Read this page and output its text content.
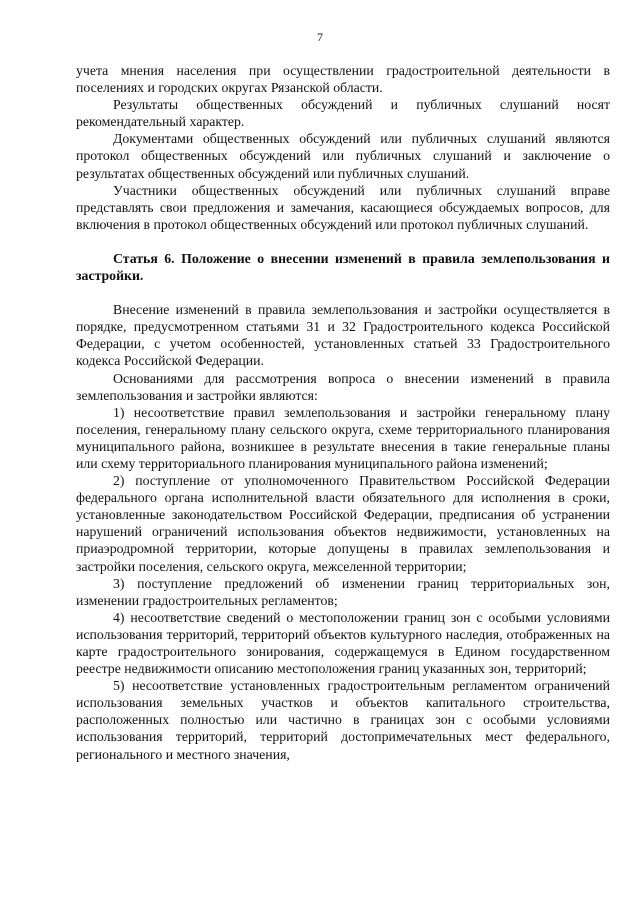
7

учета мнения населения при осуществлении градостроительной деятельности в поселениях и городских округах Рязанской области.

Результаты общественных обсуждений и публичных слушаний носят рекомендательный характер.

Документами общественных обсуждений или публичных слушаний являются протокол общественных обсуждений или публичных слушаний и заключение о результатах общественных обсуждений или публичных слушаний.

Участники общественных обсуждений или публичных слушаний вправе представлять свои предложения и замечания, касающиеся обсуждаемых вопросов, для включения в протокол общественных обсуждений или протокол публичных слушаний.

Статья 6. Положение о внесении изменений в правила землепользования и застройки.

Внесение изменений в правила землепользования и застройки осуществляется в порядке, предусмотренном статьями 31 и 32 Градостроительного кодекса Российской Федерации, с учетом особенностей, установленных статьей 33 Градостроительного кодекса Российской Федерации.

Основаниями для рассмотрения вопроса о внесении изменений в правила землепользования и застройки являются:

1) несоответствие правил землепользования и застройки генеральному плану поселения, генеральному плану сельского округа, схеме территориального планирования муниципального района, возникшее в результате внесения в такие генеральные планы или схему территориального планирования муниципального района изменений;

2) поступление от уполномоченного Правительством Российской Федерации федерального органа исполнительной власти обязательного для исполнения в сроки, установленные законодательством Российской Федерации, предписания об устранении нарушений ограничений использования объектов недвижимости, установленных на приаэродромной территории, которые допущены в правилах землепользования и застройки поселения, сельского округа, межселенной территории;

3) поступление предложений об изменении границ территориальных зон, изменении градостроительных регламентов;

4) несоответствие сведений о местоположении границ зон с особыми условиями использования территорий, территорий объектов культурного наследия, отображенных на карте градостроительного зонирования, содержащемуся в Едином государственном реестре недвижимости описанию местоположения границ указанных зон, территорий;

5) несоответствие установленных градостроительным регламентом ограничений использования земельных участков и объектов капитального строительства, расположенных полностью или частично в границах зон с особыми условиями использования территорий, территорий достопримечательных мест федерального, регионального и местного значения,
